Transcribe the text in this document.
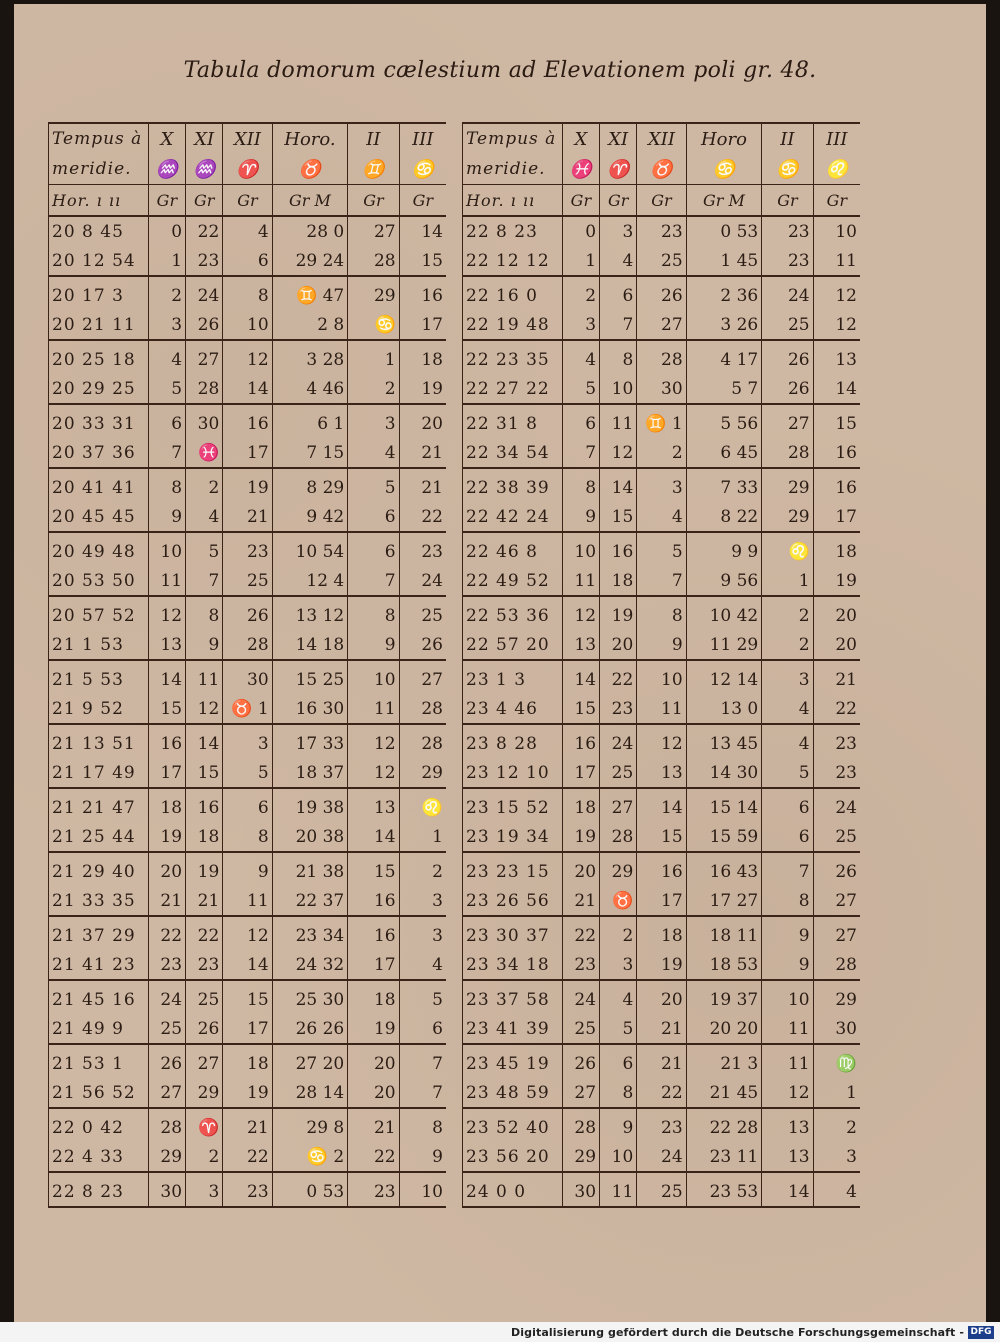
Tabula domorum cælestium ad Elevationem poli gr. 48.
Tempus à	X	XI	XII	Horo.	II	III
meridie.	♒	♒	♈	♉	♊	♋
Hor. ı ıı	Gr	Gr	Gr	Gr M	Gr	Gr
20 8 45	0	22	4	28 0	27	14
20 12 54	1	23	6	29 24	28	15
20 17 3	2	24	8	♊ 47	29	16
20 21 11	3	26	10	2 8	♋	17
20 25 18	4	27	12	3 28	1	18
20 29 25	5	28	14	4 46	2	19
20 33 31	6	30	16	6 1	3	20
20 37 36	7	♓	17	7 15	4	21
20 41 41	8	2	19	8 29	5	21
20 45 45	9	4	21	9 42	6	22
20 49 48	10	5	23	10 54	6	23
20 53 50	11	7	25	12 4	7	24
20 57 52	12	8	26	13 12	8	25
21 1 53	13	9	28	14 18	9	26
21 5 53	14	11	30	15 25	10	27
21 9 52	15	12	♉ 1	16 30	11	28
21 13 51	16	14	3	17 33	12	28
21 17 49	17	15	5	18 37	12	29
21 21 47	18	16	6	19 38	13	♌
21 25 44	19	18	8	20 38	14	1
21 29 40	20	19	9	21 38	15	2
21 33 35	21	21	11	22 37	16	3
21 37 29	22	22	12	23 34	16	3
21 41 23	23	23	14	24 32	17	4
21 45 16	24	25	15	25 30	18	5
21 49 9	25	26	17	26 26	19	6
21 53 1	26	27	18	27 20	20	7
21 56 52	27	29	19	28 14	20	7
22 0 42	28	♈	21	29 8	21	8
22 4 33	29	2	22	♋ 2	22	9
22 8 23	30	3	23	0 53	23	10
Tempus à	X	XI	XII	Horo	II	III
meridie.	♓	♈	♉	♋	♋	♌
Hor. ı ıı	Gr	Gr	Gr	Gr M	Gr	Gr
22 8 23	0	3	23	0 53	23	10
22 12 12	1	4	25	1 45	23	11
22 16 0	2	6	26	2 36	24	12
22 19 48	3	7	27	3 26	25	12
22 23 35	4	8	28	4 17	26	13
22 27 22	5	10	30	5 7	26	14
22 31 8	6	11	♊ 1	5 56	27	15
22 34 54	7	12	2	6 45	28	16
22 38 39	8	14	3	7 33	29	16
22 42 24	9	15	4	8 22	29	17
22 46 8	10	16	5	9 9	♌	18
22 49 52	11	18	7	9 56	1	19
22 53 36	12	19	8	10 42	2	20
22 57 20	13	20	9	11 29	2	20
23 1 3	14	22	10	12 14	3	21
23 4 46	15	23	11	13 0	4	22
23 8 28	16	24	12	13 45	4	23
23 12 10	17	25	13	14 30	5	23
23 15 52	18	27	14	15 14	6	24
23 19 34	19	28	15	15 59	6	25
23 23 15	20	29	16	16 43	7	26
23 26 56	21	♉	17	17 27	8	27
23 30 37	22	2	18	18 11	9	27
23 34 18	23	3	19	18 53	9	28
23 37 58	24	4	20	19 37	10	29
23 41 39	25	5	21	20 20	11	30
23 45 19	26	6	21	21 3	11	♍
23 48 59	27	8	22	21 45	12	1
23 52 40	28	9	23	22 28	13	2
23 56 20	29	10	24	23 11	13	3
24 0 0	30	11	25	23 53	14	4
Digitalisierung gefördert durch die Deutsche Forschungsgemeinschaft - DFG
